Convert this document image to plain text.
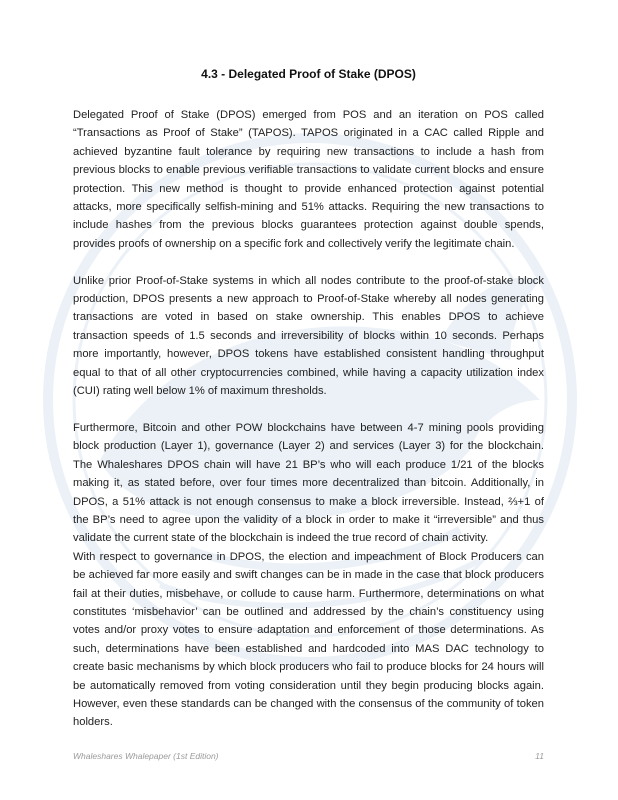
4.3 - Delegated Proof of Stake (DPOS)

Delegated Proof of Stake (DPOS) emerged from POS and an iteration on POS called “Transactions as Proof of Stake” (TAPOS). TAPOS originated in a CAC called Ripple and achieved byzantine fault tolerance by requiring new transactions to include a hash from previous blocks to enable previous verifiable transactions to validate current blocks and ensure protection. This new method is thought to provide enhanced protection against potential attacks, more specifically selfish-mining and 51% attacks. Requiring the new transactions to include hashes from the previous blocks guarantees protection against double spends, provides proofs of ownership on a specific fork and collectively verify the legitimate chain.

Unlike prior Proof-of-Stake systems in which all nodes contribute to the proof-of-stake block production, DPOS presents a new approach to Proof-of-Stake whereby all nodes generating transactions are voted in based on stake ownership. This enables DPOS to achieve transaction speeds of 1.5 seconds and irreversibility of blocks within 10 seconds. Perhaps more importantly, however, DPOS tokens have established consistent handling throughput equal to that of all other cryptocurrencies combined, while having a capacity utilization index (CUI) rating well below 1% of maximum thresholds.

Furthermore, Bitcoin and other POW blockchains have between 4-7 mining pools providing block production (Layer 1), governance (Layer 2) and services (Layer 3) for the blockchain. The Whaleshares DPOS chain will have 21 BP’s who will each produce 1/21 of the blocks making it, as stated before, over four times more decentralized than bitcoin. Additionally, in DPOS, a 51% attack is not enough consensus to make a block irreversible. Instead, ⅔+1 of the BP’s need to agree upon the validity of a block in order to make it “irreversible” and thus validate the current state of the blockchain is indeed the true record of chain activity.

With respect to governance in DPOS, the election and impeachment of Block Producers can be achieved far more easily and swift changes can be in made in the case that block producers fail at their duties, misbehave, or collude to cause harm. Furthermore, determinations on what constitutes ‘misbehavior’ can be outlined and addressed by the chain’s constituency using votes and/or proxy votes to ensure adaptation and enforcement of those determinations. As such, determinations have been established and hardcoded into MAS DAC technology to create basic mechanisms by which block producers who fail to produce blocks for 24 hours will be automatically removed from voting consideration until they begin producing blocks again. However, even these standards can be changed with the consensus of the community of token holders.

Whaleshares Whalepaper (1st Edition)	11
